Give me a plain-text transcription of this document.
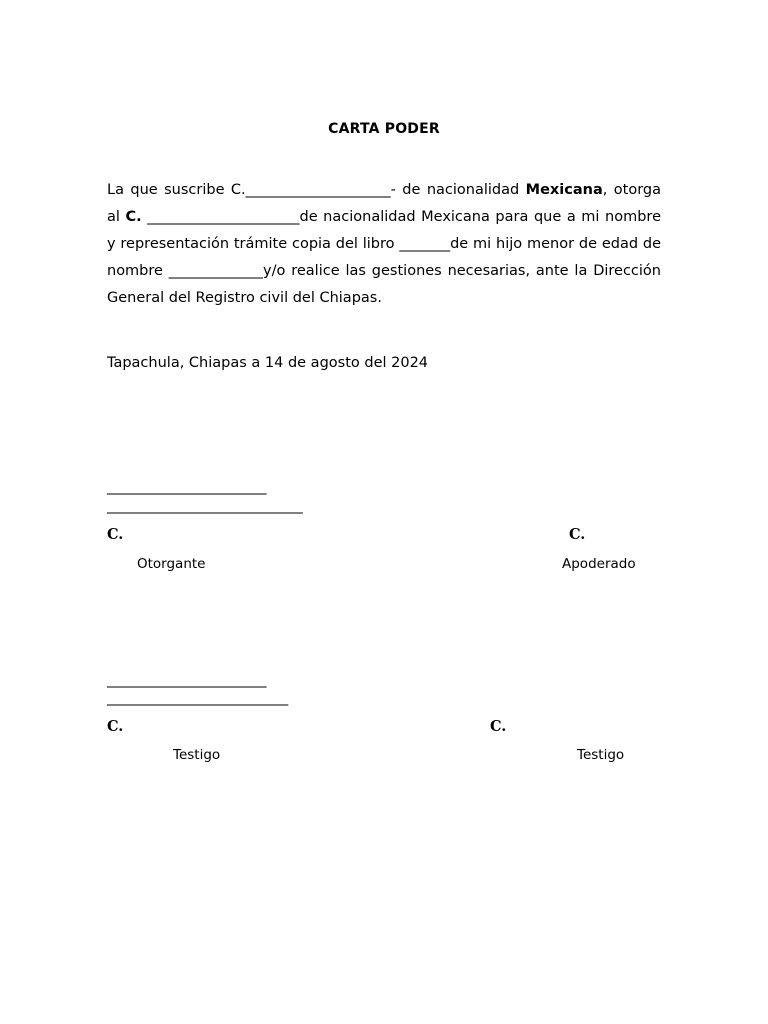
CARTA PODER
La que suscribe C.____________________- de nacionalidad Mexicana, otorga al C. _____________________de nacionalidad Mexicana para que a mi nombre y representación trámite copia del libro _______de mi hijo menor de edad de nombre _____________y/o realice las gestiones necesarias, ante la Dirección General del Registro civil del Chiapas.
Tapachula, Chiapas a 14 de agosto del 2024
______________________
___________________________
C.	C.
Otorgante	Apoderado
______________________
_________________________
C.	C.
Testigo	Testigo
